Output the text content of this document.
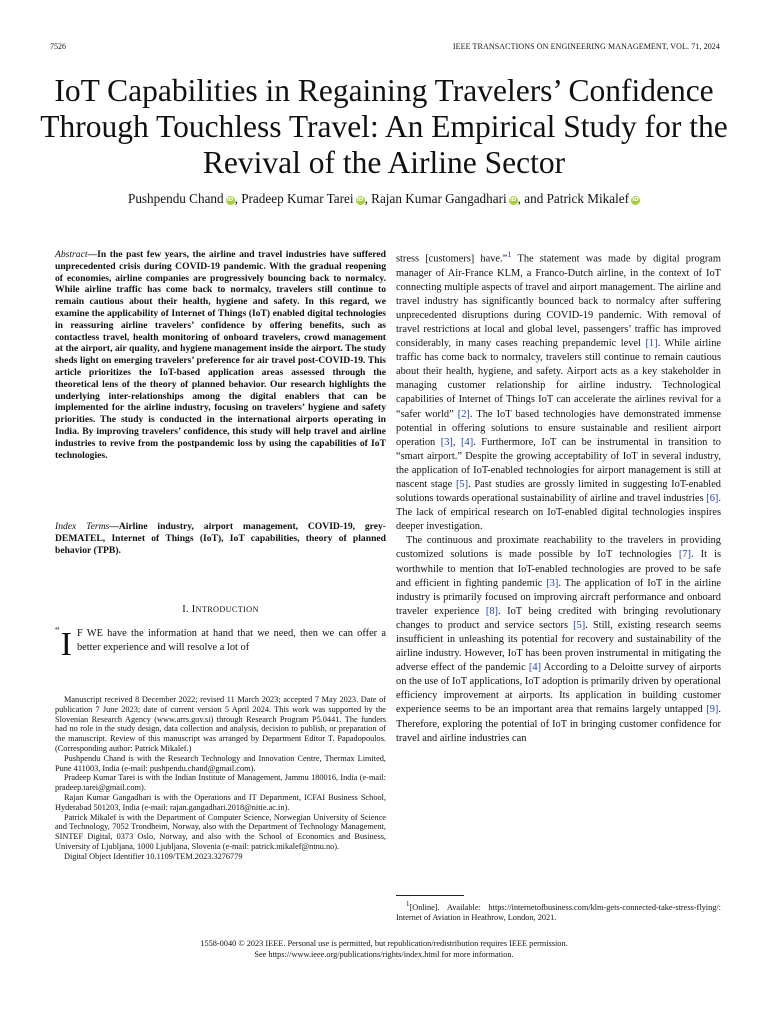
7526	IEEE TRANSACTIONS ON ENGINEERING MANAGEMENT, VOL. 71, 2024
IoT Capabilities in Regaining Travelers’ Confidence Through Touchless Travel: An Empirical Study for the Revival of the Airline Sector
Pushpendu Chand iD, Pradeep Kumar Tarei iD, Rajan Kumar Gangadhari iD, and Patrick Mikalef iD
Abstract—In the past few years, the airline and travel industries have suffered unprecedented crisis during COVID-19 pandemic. With the gradual reopening of economies, airline companies are progressively bouncing back to normalcy. While airline traffic has come back to normalcy, travelers still continue to remain cautious about their health, hygiene and safety. In this regard, we examine the applicability of Internet of Things (IoT) enabled digital technologies in reassuring airline travelers’ confidence by offering benefits, such as contactless travel, health monitoring of onboard travelers, crowd management at the airport, air quality, and hygiene management inside the airport. The study sheds light on emerging travelers’ preference for air travel post-COVID-19. This article prioritizes the IoT-based application areas assessed through the theoretical lens of the theory of planned behavior. Our research highlights the underlying inter-relationships among the digital enablers that can be implemented for the airline industry, focusing on travelers’ hygiene and safety priorities. The study is conducted in the international airports operating in India. By improving travelers’ confidence, this study will help travel and airline industries to revive from the postpandemic loss by using the capabilities of IoT technologies.
Index Terms—Airline industry, airport management, COVID-19, grey-DEMATEL, Internet of Things (IoT), IoT capabilities, theory of planned behavior (TPB).
I. INTRODUCTION
“ I F WE have the information at hand that we need, then we can offer a better experience and will resolve a lot of

Manuscript received 8 December 2022; revised 11 March 2023; accepted 7 May 2023. Date of publication 7 June 2023; date of current version 5 April 2024. This work was supported by the Slovenian Research Agency (www.arrs.gov.si) through Research Program P5.0441. The funders had no role in the study design, data collection and analysis, decision to publish, or preparation of the manuscript. Review of this manuscript was arranged by Department Editor T. Papadopoulos. (Corresponding author: Patrick Mikalef.)

Pushpendu Chand is with the Research Technology and Innovation Centre, Thermax Limited, Pune 411003, India (e-mail: pushpendu.chand@gmail.com).

Pradeep Kumar Tarei is with the Indian Institute of Management, Jammu 180016, India (e-mail: pradeep.tarei@gmail.com).

Rajan Kumar Gangadhari is with the Operations and IT Department, ICFAI Business School, Hyderabad 501203, India (e-mail: rajan.gangadhari.2018@nitie.ac.in).

Patrick Mikalef is with the Department of Computer Science, Norwegian University of Science and Technology, 7052 Trondheim, Norway, also with the Department of Technology Management, SINTEF Digital, 0373 Oslo, Norway, and also with the School of Economics and Business, University of Ljubljana, 1000 Ljubljana, Slovenia (e-mail: patrick.mikalef@ntnu.no).

Digital Object Identifier 10.1109/TEM.2023.3276779

stress [customers] have.”$^1$ The statement was made by digital program manager of Air-France KLM, a Franco-Dutch airline, in the context of IoT connecting multiple aspects of travel and airport management. The airline and travel industry has significantly bounced back to normalcy after suffering unprecedented disruptions during COVID-19 pandemic. With removal of travel restrictions at local and global level, passengers’ traffic has improved considerably, in many cases reaching prepandemic level [1]. While airline traffic has come back to normalcy, travelers still continue to remain cautious about their health, hygiene, and safety. Airport acts as a key stakeholder in managing customer relationship for airline industry. Technological capabilities of Internet of Things IoT can accelerate the airlines revival for a “safer world” [2]. The IoT based technologies have demonstrated immense potential in offering solutions to ensure sustainable and resilient airport operation [3], [4]. Furthermore, IoT can be instrumental in transition to “smart airport.” Despite the growing acceptability of IoT in several industry, the application of IoT-enabled technologies for airport management is still at nascent stage [5]. Past studies are grossly limited in suggesting IoT-enabled solutions towards operational sustainability of airline and travel industries [6]. The lack of empirical research on IoT-enabled digital technologies inspires deeper investigation.

The continuous and proximate reachability to the travelers in providing customized solutions is made possible by IoT technologies [7]. It is worthwhile to mention that IoT-enabled technologies are proved to be safe and efficient in fighting pandemic [3]. The application of IoT in the airline industry is primarily focused on improving aircraft performance and onboard traveler experience [8]. IoT being credited with bringing revolutionary changes to product and service sectors [5]. Still, existing research seems insufficient in unleashing its potential for recovery and sustainability of the airline industry. However, IoT has been proven instrumental in mitigating the adverse effect of the pandemic [4] According to a Deloitte survey of airports on the use of IoT applications, IoT adoption is primarily driven by operational efficiency improvement at airports. Its application in building customer experience seems to be an important area that remains largely untapped [9]. Therefore, exploring the potential of IoT in bringing customer confidence for travel and airline industries can

$^1$[Online]. Available: https://internetofbusiness.com/klm-gets-connected-take-stress-flying/: Internet of Aviation in Heathrow, London, 2021.
1558-0040 © 2023 IEEE. Personal use is permitted, but republication/redistribution requires IEEE permission.
See https://www.ieee.org/publications/rights/index.html for more information.
